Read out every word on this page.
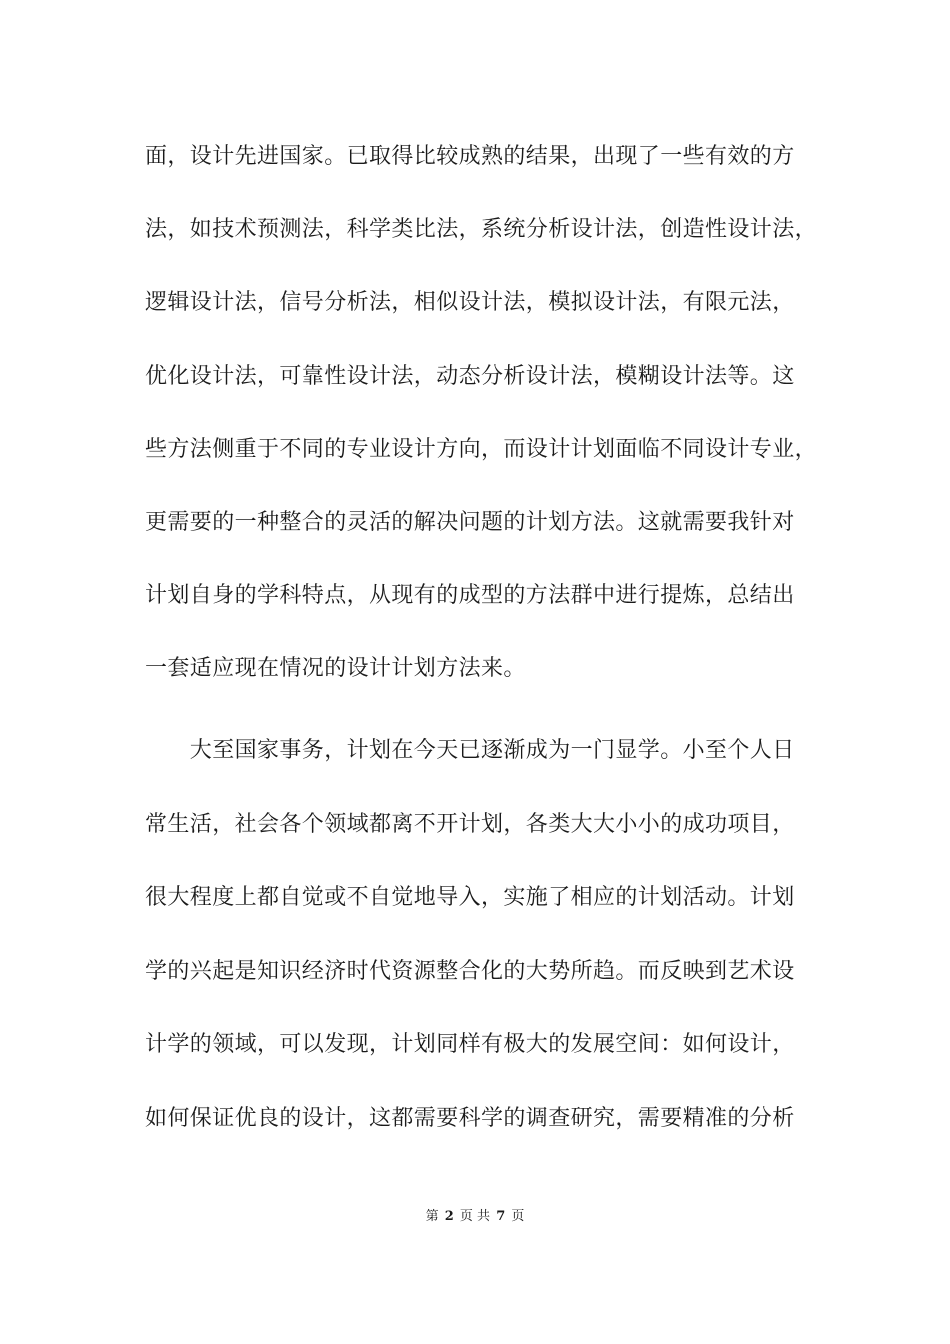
面，设计先进国家。已取得比较成熟的结果，出现了一些有效的方
法，如技术预测法，科学类比法，系统分析设计法，创造性设计法，
逻辑设计法，信号分析法，相似设计法，模拟设计法，有限元法，
优化设计法，可靠性设计法，动态分析设计法，模糊设计法等。这
些方法侧重于不同的专业设计方向，而设计计划面临不同设计专业，
更需要的一种整合的灵活的解决问题的计划方法。这就需要我针对
计划自身的学科特点，从现有的成型的方法群中进行提炼，总结出
一套适应现在情况的设计计划方法来。
　　大至国家事务，计划在今天已逐渐成为一门显学。小至个人日
常生活，社会各个领域都离不开计划，各类大大小小的成功项目，
很大程度上都自觉或不自觉地导入，实施了相应的计划活动。计划
学的兴起是知识经济时代资源整合化的大势所趋。而反映到艺术设
计学的领域，可以发现，计划同样有极大的发展空间：如何设计，
如何保证优良的设计，这都需要科学的调查研究，需要精准的分析
第 2 页 共 7 页
